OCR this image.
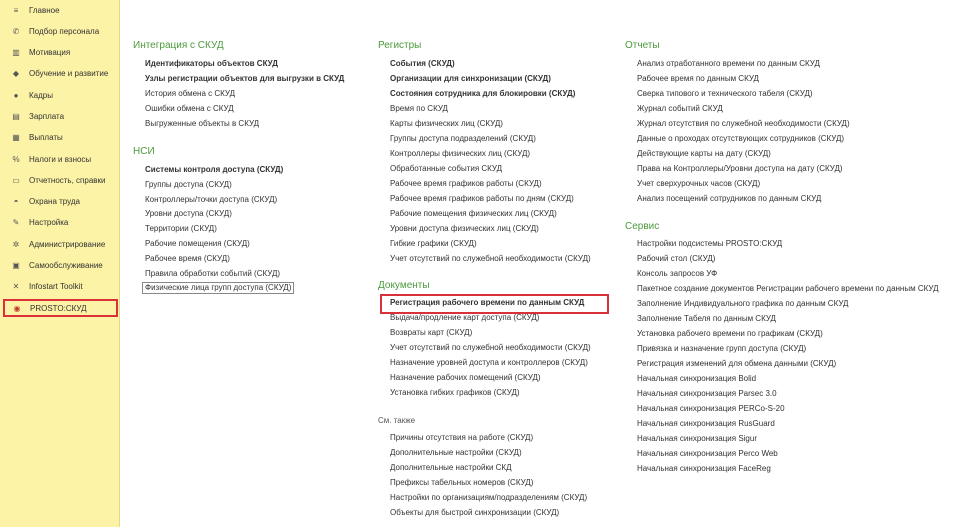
≡	Главное
✆	Подбор персонала
▥ Мотивация
◆	Обучение и развитие
●	Кадры
▤ Зарплата
▦ Выплаты
%	Налоги и взносы
▭ Отчетность, справки
◓	Охрана труда
✎	Настройка
✲	Администрирование
▣ Самообслуживание
✕	Infostart Toolkit
◉	PROSTO:СКУД
Интеграция с СКУД
Идентификаторы объектов СКУД
Узлы регистрации объектов для выгрузки в СКУД
История обмена с СКУД
Ошибки обмена с СКУД
Выгруженные объекты в СКУД
НСИ
Системы контроля доступа (СКУД)
Группы доступа (СКУД)
Контроллеры/точки доступа (СКУД)
Уровни доступа (СКУД)
Территории (СКУД)
Рабочие помещения (СКУД)
Рабочее время (СКУД)
Правила обработки событий (СКУД)
Физические лица групп доступа (СКУД)
Регистры
События (СКУД)
Организации для синхронизации (СКУД)
Состояния сотрудника для блокировки (СКУД)
Время по СКУД
Карты физических лиц (СКУД)
Группы доступа подразделений (СКУД)
Контроллеры физических лиц (СКУД)
Обработанные события СКУД
Рабочее время графиков работы (СКУД)
Рабочее время графиков работы по дням (СКУД)
Рабочие помещения физических лиц (СКУД)
Уровни доступа физических лиц (СКУД)
Гибкие графики (СКУД)
Учет отсутствий по служебной необходимости (СКУД)
Документы
Регистрация рабочего времени по данным СКУД
Выдача/продление карт доступа (СКУД)
Возвраты карт (СКУД)
Учет отсутствий по служебной необходимости (СКУД)
Назначение уровней доступа и контроллеров (СКУД)
Назначение рабочих помещений (СКУД)
Установка гибких графиков (СКУД)
См. также
Причины отсутствия на работе (СКУД)
Дополнительные настройки (СКУД)
Дополнительные настройки СКД
Префиксы табельных номеров (СКУД)
Настройки по организациям/подразделениям (СКУД)
Объекты для быстрой синхронизации (СКУД)
Отчеты
Анализ отработанного времени по данным СКУД
Рабочее время по данным СКУД
Сверка типового и технического табеля (СКУД)
Журнал событий СКУД
Журнал отсутствия по служебной необходимости (СКУД)
Данные о проходах отсутствующих сотрудников (СКУД)
Действующие карты на дату (СКУД)
Права на Контроллеры/Уровни доступа на дату (СКУД)
Учет сверхурочных часов (СКУД)
Анализ посещений сотрудников по данным СКУД
Сервис
Настройки подсистемы PROSTO:СКУД
Рабочий стол (СКУД)
Консоль запросов УФ
Пакетное создание документов Регистрации рабочего времени по данным СКУД
Заполнение Индивидуального графика по данным СКУД
Заполнение Табеля по данным СКУД
Установка рабочего времени по графикам (СКУД)
Привязка и назначение групп доступа (СКУД)
Регистрация изменений для обмена данными (СКУД)
Начальная синхронизация Bolid
Начальная синхронизация Parsec 3.0
Начальная синхронизация PERCo-S-20
Начальная синхронизация RusGuard
Начальная синхронизация Sigur
Начальная синхронизация Perco Web
Начальная синхронизация FaceReg
